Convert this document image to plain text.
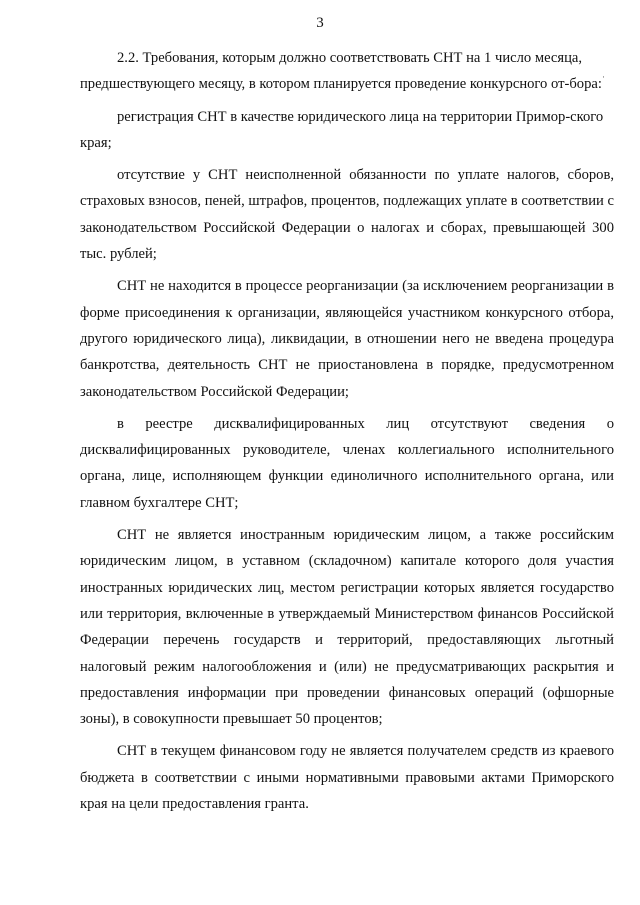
3
·

2.2. Требования, которым должно соответствовать СНТ на 1 число месяца, предшествующего месяцу, в котором планируется проведение конкурсного от-бора:

регистрация СНТ в качестве юридического лица на территории Примор-ского края;

отсутствие у СНТ неисполненной обязанности по уплате налогов, сборов, страховых взносов, пеней, штрафов, процентов, подлежащих уплате в соответствии с законодательством Российской Федерации о налогах и сборах, превышающей 300 тыс. рублей;

СНТ не находится в процессе реорганизации (за исключением реорганизации в форме присоединения к организации, являющейся участником конкурсного отбора, другого юридического лица), ликвидации, в отношении него не введена процедура банкротства, деятельность СНТ не приостановлена в порядке, предусмотренном законодательством Российской Федерации;

в реестре дисквалифицированных лиц отсутствуют сведения о дисквалифицированных руководителе, членах коллегиального исполнительного органа, лице, исполняющем функции единоличного исполнительного органа, или главном бухгалтере СНТ;

СНТ не является иностранным юридическим лицом, а также российским юридическим лицом, в уставном (складочном) капитале которого доля участия иностранных юридических лиц, местом регистрации которых является государство или территория, включенные в утверждаемый Министерством финансов Российской Федерации перечень государств и территорий, предоставляющих льготный налоговый режим налогообложения и (или) не предусматривающих раскрытия и предоставления информации при проведении финансовых операций (офшорные зоны), в совокупности превышает 50 процентов;

СНТ в текущем финансовом году не является получателем средств из краевого бюджета в соответствии с иными нормативными правовыми актами Приморского края на цели предоставления гранта.
